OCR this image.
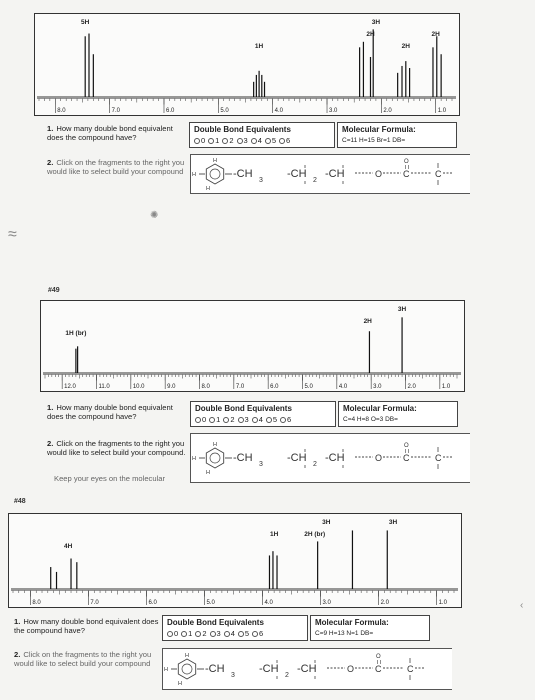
8.0	7.0	6.0	5.0	4.0	3.0	2.0	1.0
5H
1H
3H
2H
2H
2H
1. How many double bond equivalent does the compound have?
Double Bond Equivalents
0 1 2 3 4 5 6
Molecular Formula:
C=11 H=15 Br=1 DB=
2. Click on the fragments to the right you would like to select build your compound	H
H
H
-CH
3
-CH
2
-CH	O C
O
C
✺
≈
#49
12.0	11.0	10.0	9.0	8.0	7.0	6.0	5.0	4.0	3.0	2.0	1.0
1H (br)
2H
3H
1. How many double bond equivalent does the compound have?
Double Bond Equivalents
0 1 2 3 4 5 6
Molecular Formula:
C=4 H=8 O=3 DB=
2. Click on the fragments to the right you would like to select build your compound.
Keep your eyes on the molecular
H
H
H
-CH
3
-CH
2
-CH	O C
O
C
#48
8.0	7.0	6.0	5.0	4.0	3.0	2.0	1.0
4H
1H	2H (br)
3H	3H
1. How many double bond equivalent does the compound have?
Double Bond Equivalents
0 1 2 3 4 5 6
Molecular Formula:
C=9 H=13 N=1 DB=
2. Click on the fragments to the right you would like to select build your compound
H
H
H
-CH
3
-CH
2
-CH	O C
O
C
‹
